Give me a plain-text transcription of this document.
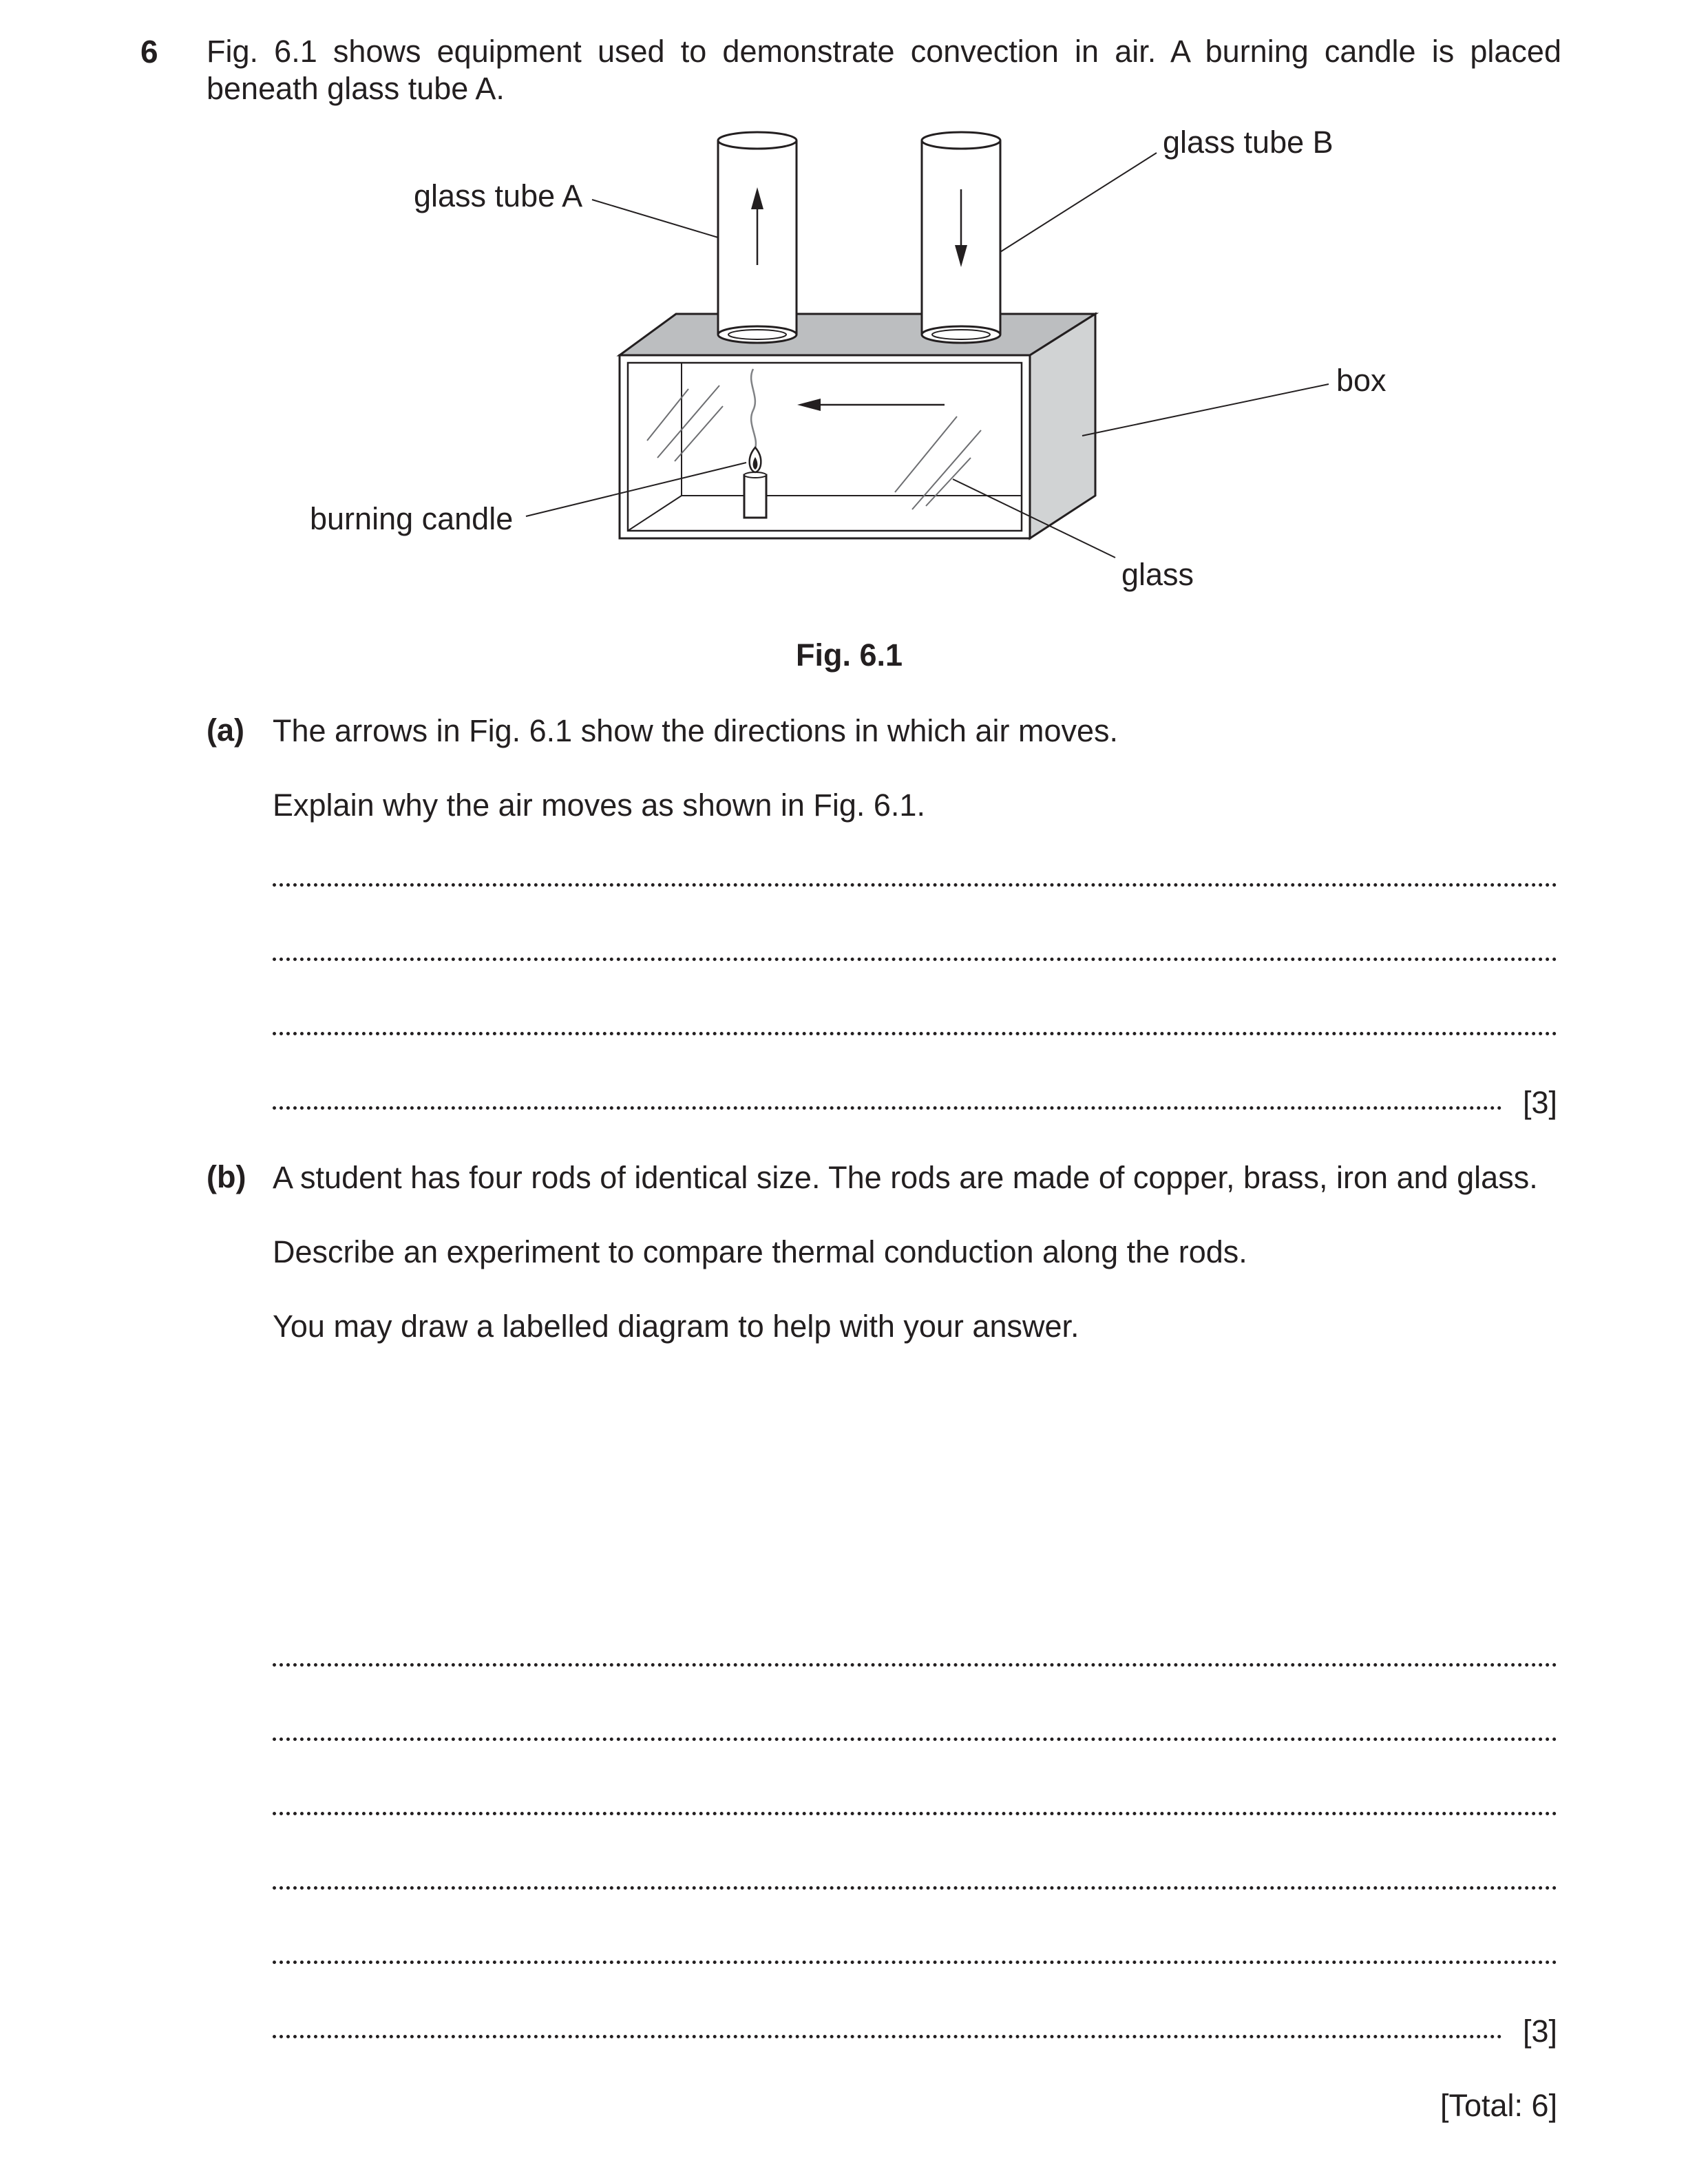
6 Fig. 6.1 shows equipment used to demonstrate convection in air. A burning candle is placed beneath glass tube A.
glass tube A
glass tube B
box
burning candle
glass
Fig. 6.1
(a) The arrows in Fig. 6.1 show the directions in which air moves.
Explain why the air moves as shown in Fig. 6.1.
[3]
(b) A student has four rods of identical size. The rods are made of copper, brass, iron and glass.
Describe an experiment to compare thermal conduction along the rods.
You may draw a labelled diagram to help with your answer.
[3]
[Total: 6]
